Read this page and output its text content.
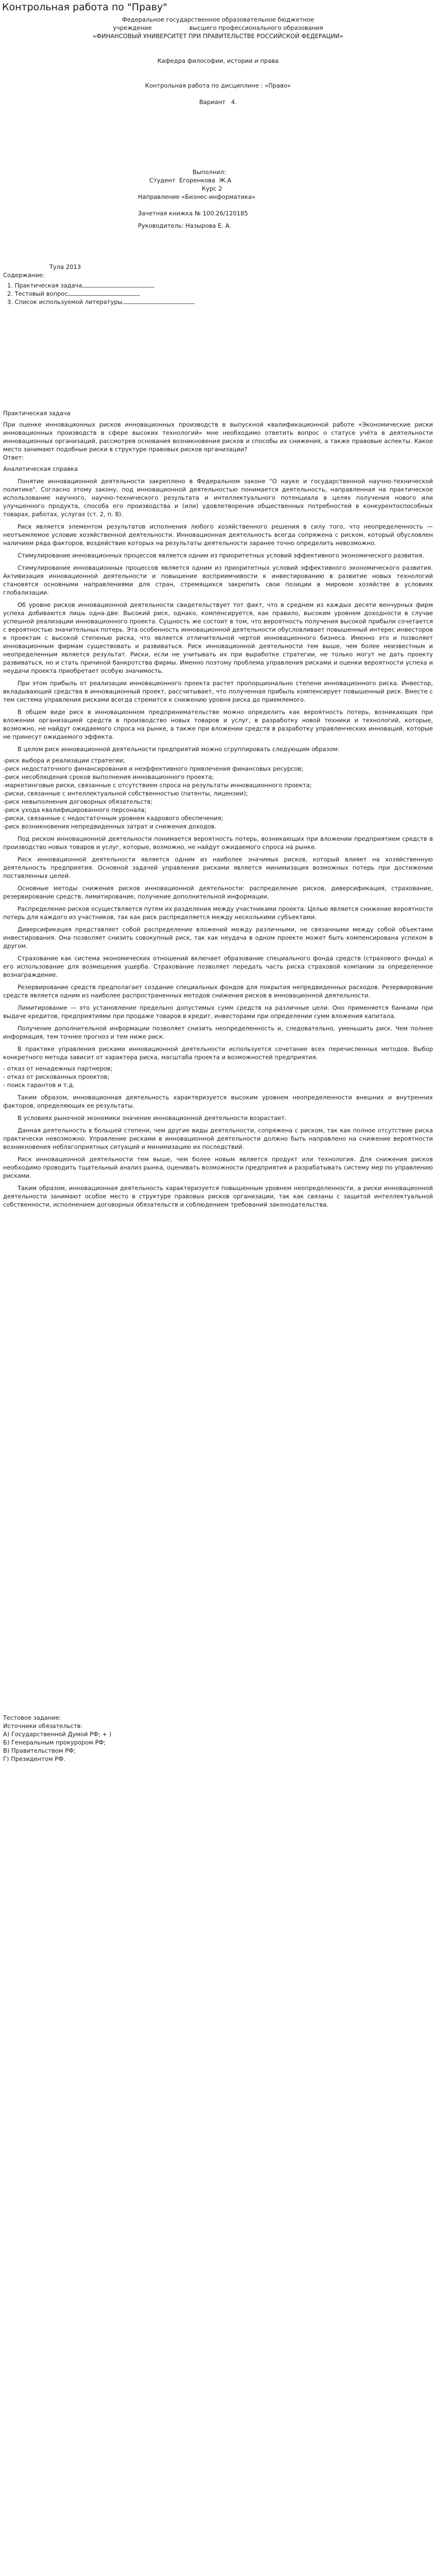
Контрольная работа по "Праву"

Федеральное государственное образовательное бюджетное

учреждение                    высшего профессионального образования

«ФИНАНСОВЫЙ УНИВЕРСИТЕТ ПРИ ПРАВИТЕЛЬСТВЕ РОССИЙСКОЙ ФЕДЕРАЦИИ»

Кафедра философии, истории и права

Контрольная работа по дисциплине : «Право»

Вариант   4.

Выполнил:

Студент  Егоренкова  Ж.А

Курс 2

Направление «Бизнес-информатика»

Зачетная книжка № 100.26/120185

Руководитель: Назырова Е. А.

Тула 2013

Содержание:

1. Практическая задача

2. Тестовый вопрос

3. Список используемой литературы

Практическая задача

При оценке инновационных рисков инновационных производств в выпускной квалификационной работе «Экономические риски инновационных производств в сфере высоких технологий» мне необходимо ответить вопрос о статусе учёта в деятельности инновационных организаций, рассмотрев основания возникновения рисков и способы их снижения, а также правовые аспекты. Какое место занимают подобные риски в структуре правовых рисков организации?

Ответ:

Аналитическая справка

Понятие инновационной деятельности закреплено в Федеральном законе "О науке и государственной научно-технической политике". Согласно этому закону, под инновационной деятельностью понимается деятельность, направленная на практическое использование научного, научно-технического результата и интеллектуального потенциала в целях получения нового или улучшенного продукта, способа его производства и (или) удовлетворения общественных потребностей в конкурентоспособных товарах, работах, услугах (ст. 2, п. 8).

Риск является элементом результатов исполнения любого хозяйственного решения в силу того, что неопределенность — неотъемлемое условие хозяйственной деятельности. Инновационная деятельность всегда сопряжена с риском, который обусловлен наличием ряда факторов, воздействие которых на результаты деятельности заранее точно определить невозможно.

Стимулирование инновационных процессов является одним из приоритетных условий эффективного экономического развития.

Стимулирование инновационных процессов является одним из приоритетных условий эффективного экономического развития. Активизация инновационной деятельности и повышение восприимчивости к инвестированию в развитие новых технологий становятся основными направлениями для стран, стремящихся закрепить свои позиции в мировом хозяйстве в условиях глобализации.

Об уровне рисков инновационной деятельности свидетельствует тот факт, что в среднем из каждых десяти венчурных фирм успеха добиваются лишь одна-две. Высокий риск, однако, компенсируется, как правило, высоким уровнем доходности в случае успешной реализации инновационного проекта. Сущность же состоит в том, что вероятность получения высокой прибыли сочетается с вероятностью значительных потерь. Эта особенность инновационной деятельности обусловливает повышенный интерес инвесторов к проектам с высокой степенью риска, что является отличительной чертой инновационного бизнеса. Именно это и позволяет инновационным фирмам существовать и развиваться. Риск инновационной деятельности тем выше, чем более неизвестным и неопределенным является результат. Риски, если не учитывать их при выработке стратегии, не только могут не дать проекту развиваться, но и стать причиной банкротства фирмы. Именно поэтому проблема управления рисками и оценки вероятности успеха и неудачи проекта приобретает особую значимость.

При этом прибыль от реализации инновационного проекта растет пропорционально степени инновационного риска. Инвестор, вкладывающий средства в инновационный проект, рассчитывает, что полученная прибыль компенсирует повышенный риск. Вместе с тем система управления рисками всегда стремится к снижению уровня риска до приемлемого.

В общем виде риск в инновационном предпринимательстве можно определить как вероятность потерь, возникающих при вложении организацией средств в производство новых товаров и услуг, в разработку новой техники и технологий, которые, возможно, не найдут ожидаемого спроса на рынке, а также при вложении средств в разработку управленческих инноваций, которые не принесут ожидаемого эффекта.

В целом риск инновационной деятельности предприятий можно сгруппировать следующим образом:

-риск выбора и реализации стратегии;

-риск недостаточного финансирования и неэффективного привлечения финансовых ресурсов;

-риск несоблюдения сроков выполнения инновационного проекта;

-маркетинговые риски, связанные с отсутствием спроса на результаты инновационного проекта;

-риски, связанные с интеллектуальной собственностью (патенты, лицензии);

-риск невыполнения договорных обязательств;

-риск ухода квалифицированного персонала;

-риски, связанные с недостаточным уровнем кадрового обеспечения;

-риск возникновения непредвиденных затрат и снижения доходов.

Под риском инновационной деятельности понимается вероятность потерь, возникающих при вложении предприятием средств в производство новых товаров и услуг, которые, возможно, не найдут ожидаемого спроса на рынке.

Риск инновационной деятельности является одним из наиболее значимых рисков, который влияет на хозяйственную деятельность предприятия. Основной задачей управления рисками является минимизация возможных потерь при достижении поставленных целей.

Основные методы снижения рисков инновационной деятельности: распределение рисков, диверсификация, страхование, резервирование средств, лимитирование, получение дополнительной информации.

Распределение рисков осуществляется путем их разделения между участниками проекта. Целью является снижение вероятности потерь для каждого из участников, так как риск распределяется между несколькими субъектами.

Диверсификация представляет собой распределение вложений между различными, не связанными между собой объектами инвестирования. Она позволяет снизить совокупный риск, так как неудача в одном проекте может быть компенсирована успехом в другом.

Страхование как система экономических отношений включает образование специального фонда средств (страхового фонда) и его использование для возмещения ущерба. Страхование позволяет передать часть риска страховой компании за определенное вознаграждение.

Резервирование средств предполагает создание специальных фондов для покрытия непредвиденных расходов. Резервирование средств является одним из наиболее распространенных методов снижения рисков в инновационной деятельности.

Лимитирование — это установление предельно допустимых сумм средств на различные цели. Оно применяется банками при выдаче кредитов, предприятиями при продаже товаров в кредит, инвесторами при определении сумм вложения капитала.

Получение дополнительной информации позволяет снизить неопределенность и, следовательно, уменьшить риск. Чем полнее информация, тем точнее прогноз и тем ниже риск.

В практике управления рисками инновационной деятельности используется сочетание всех перечисленных методов. Выбор конкретного метода зависит от характера риска, масштаба проекта и возможностей предприятия.

- отказ от ненадежных партнеров;

- отказ от рискованных проектов;

- поиск гарантов и т.д.

Таким образом, инновационная деятельность характеризуется высоким уровнем неопределенности внешних и внутренних факторов, определяющих ее результаты.

В условиях рыночной экономики значение инновационной деятельности возрастает.

Данная деятельность в большей степени, чем другие виды деятельности, сопряжена с риском, так как полное отсутствие риска практически невозможно. Управление рисками в инновационной деятельности должно быть направлено на снижение вероятности возникновения неблагоприятных ситуаций и минимизацию их последствий.

Риск инновационной деятельности тем выше, чем более новым является продукт или технология. Для снижения рисков необходимо проводить тщательный анализ рынка, оценивать возможности предприятия и разрабатывать систему мер по управлению рисками.

Таким образом, инновационная деятельность характеризуется повышенным уровнем неопределенности, а риски инновационной деятельности занимают особое место в структуре правовых рисков организации, так как связаны с защитой интеллектуальной собственности, исполнением договорных обязательств и соблюдением требований законодательства.

Тестовое задание:

Источники обязательств:

А) Государственной Думой РФ; + )

Б) Генеральным прокурором РФ;

В) Правительством РФ;

Г) Президентом РФ.
